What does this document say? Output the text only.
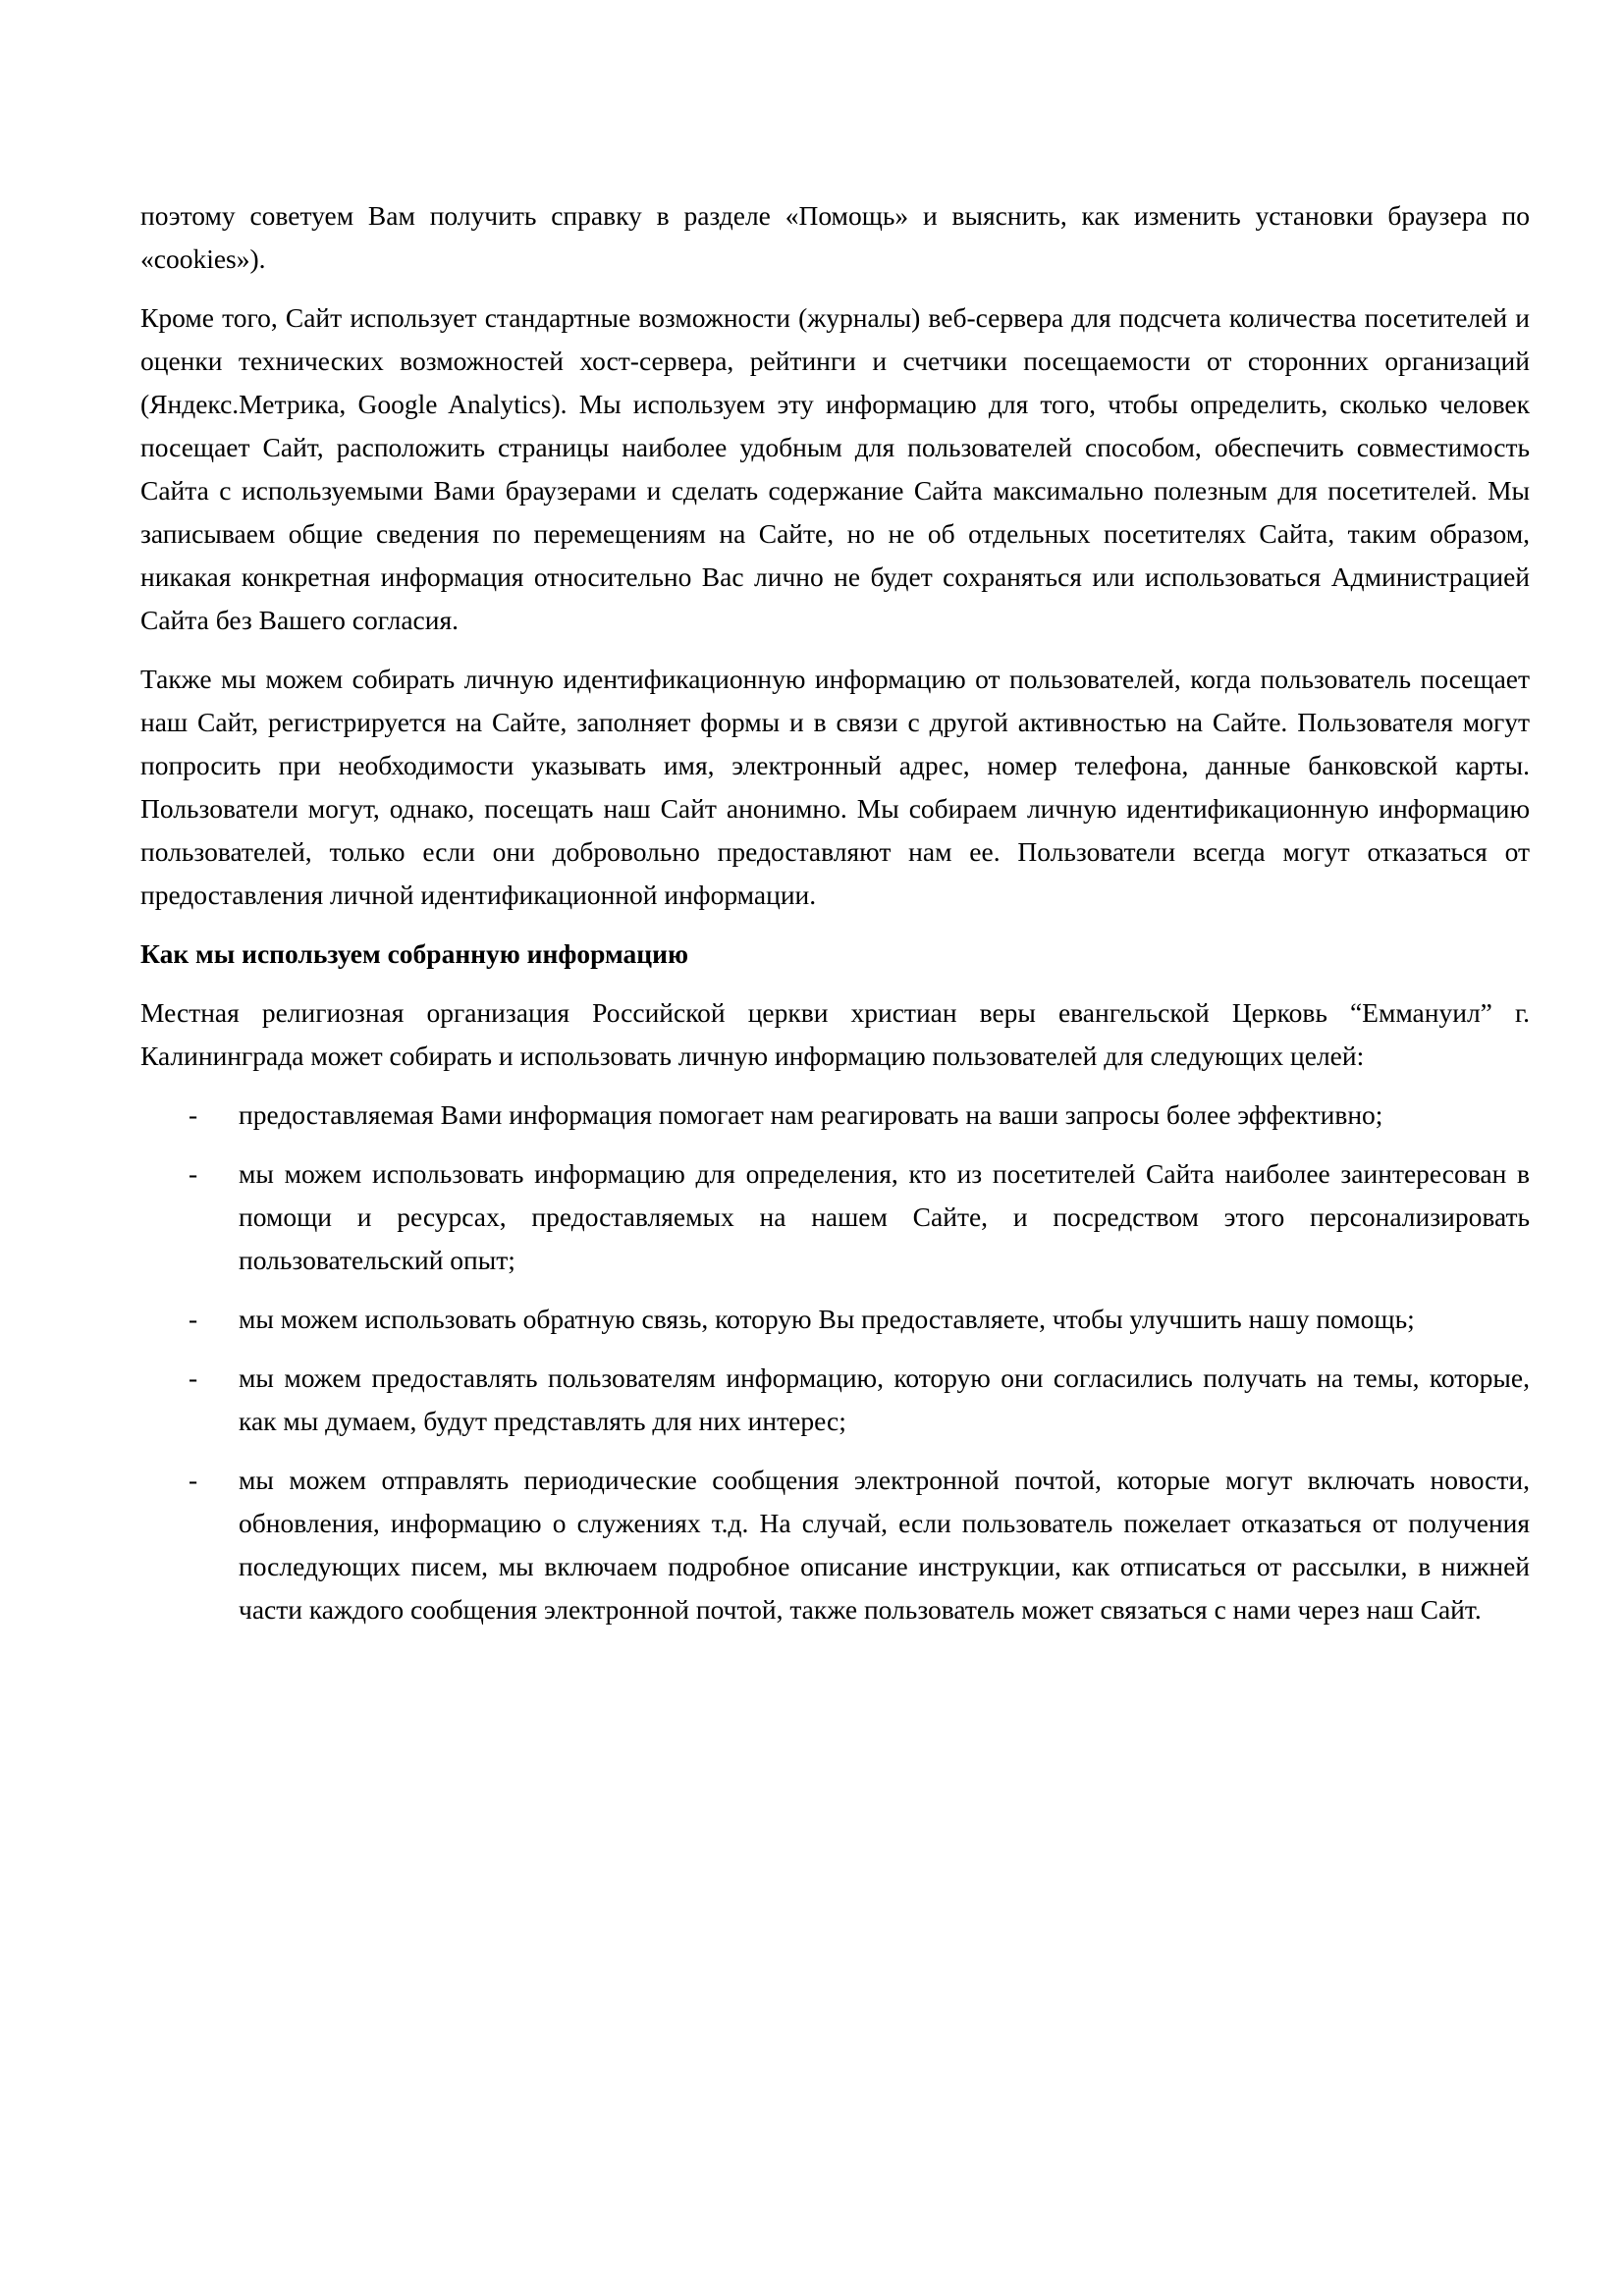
поэтому советуем Вам получить справку в разделе «Помощь» и выяснить, как изменить установки браузера по «cookies»).

Кроме того, Сайт использует стандартные возможности (журналы) веб-сервера для подсчета количества посетителей и оценки технических возможностей хост-сервера, рейтинги и счетчики посещаемости от сторонних организаций (Яндекс.Метрика, Google Analytics). Мы используем эту информацию для того, чтобы определить, сколько человек посещает Сайт, расположить страницы наиболее удобным для пользователей способом, обеспечить совместимость Сайта с используемыми Вами браузерами и сделать содержание Сайта максимально полезным для посетителей. Мы записываем общие сведения по перемещениям на Сайте, но не об отдельных посетителях Сайта, таким образом, никакая конкретная информация относительно Вас лично не будет сохраняться или использоваться Администрацией Сайта без Вашего согласия.

Также мы можем собирать личную идентификационную информацию от пользователей, когда пользователь посещает наш Сайт, регистрируется на Сайте, заполняет формы и в связи с другой активностью на Сайте. Пользователя могут попросить при необходимости указывать имя, электронный адрес, номер телефона, данные банковской карты. Пользователи могут, однако, посещать наш Сайт анонимно. Мы собираем личную идентификационную информацию пользователей, только если они добровольно предоставляют нам ее. Пользователи всегда могут отказаться от предоставления личной идентификационной информации.

Как мы используем собранную информацию

Местная религиозная организация Российской церкви христиан веры евангельской Церковь “Еммануил” г. Калининграда может собирать и использовать личную информацию пользователей для следующих целей:

- предоставляемая Вами информация помогает нам реагировать на ваши запросы более эффективно;

- мы можем использовать информацию для определения, кто из посетителей Сайта наиболее заинтересован в помощи и ресурсах, предоставляемых на нашем Сайте, и посредством этого персонализировать пользовательский опыт;

- мы можем использовать обратную связь, которую Вы предоставляете, чтобы улучшить нашу помощь;

- мы можем предоставлять пользователям информацию, которую они согласились получать на темы, которые, как мы думаем, будут представлять для них интерес;

- мы можем отправлять периодические сообщения электронной почтой, которые могут включать новости, обновления, информацию о служениях т.д. На случай, если пользователь пожелает отказаться от получения последующих писем, мы включаем подробное описание инструкции, как отписаться от рассылки, в нижней части каждого сообщения электронной почтой, также пользователь может связаться с нами через наш Сайт.
